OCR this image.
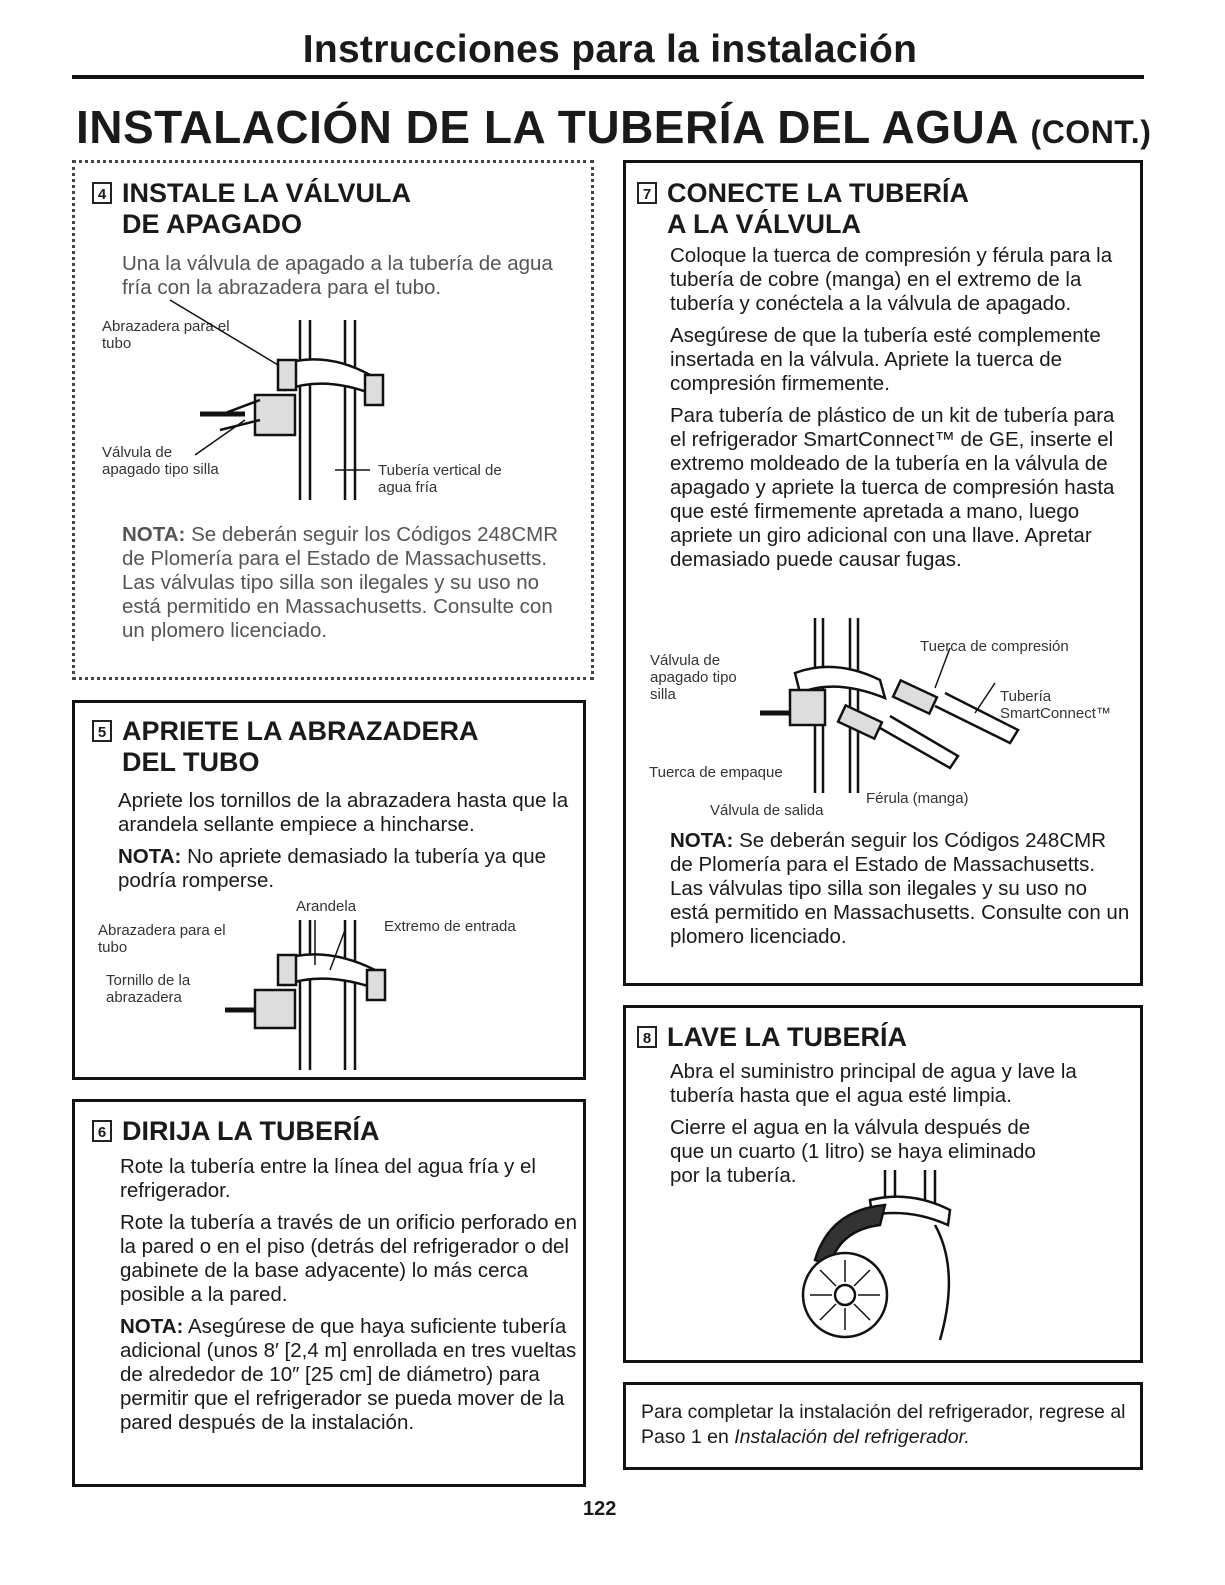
Instrucciones para la instalación
INSTALACIÓN DE LA TUBERÍA DEL AGUA (CONT.)
4 INSTALE LA VÁLVULA
DE APAGADO
Una la válvula de apagado a la tubería de agua fría con la abrazadera para el tubo.
Abrazadera para el tubo
Válvula de apagado tipo silla	Tubería vertical de agua fría
NOTA: Se deberán seguir los Códigos 248CMR de Plomería para el Estado de Massachusetts. Las válvulas tipo silla son ilegales y su uso no está permitido en Massachusetts. Consulte con un plomero licenciado.
5 APRIETE LA ABRAZADERA
DEL TUBO

Apriete los tornillos de la abrazadera hasta que la arandela sellante empiece a hincharse.

NOTA: No apriete demasiado la tubería ya que podría romperse.

Arandela
Extremo de entrada
Abrazadera para el tubo
Tornillo de la abrazadera
6 DIRIJA LA TUBERÍA

Rote la tubería entre la línea del agua fría y el refrigerador.

Rote la tubería a través de un orificio perforado en la pared o en el piso (detrás del refrigerador o del gabinete de la base adyacente) lo más cerca posible a la pared.

NOTA: Asegúrese de que haya suficiente tubería adicional (unos 8′ [2,4 m] enrollada en tres vueltas de alrededor de 10″ [25 cm] de diámetro) para permitir que el refrigerador se pueda mover de la pared después de la instalación.

7 CONECTE LA TUBERÍA
A LA VÁLVULA

Coloque la tuerca de compresión y férula para la tubería de cobre (manga) en el extremo de la tubería y conéctela a la válvula de apagado.

Asegúrese de que la tubería esté complemente insertada en la válvula. Apriete la tuerca de compresión firmemente.

Para tubería de plástico de un kit de tubería para el refrigerador SmartConnect™ de GE, inserte el extremo moldeado de la tubería en la válvula de apagado y apriete la tuerca de compresión hasta que esté firmemente apretada a mano, luego apriete un giro adicional con una llave. Apretar demasiado puede causar fugas.

Válvula de apagado tipo silla
Tuerca de compresión
Tubería SmartConnect™
Tuerca de empaque
Válvula de salida
Férula (manga)
NOTA: Se deberán seguir los Códigos 248CMR de Plomería para el Estado de Massachusetts. Las válvulas tipo silla son ilegales y su uso no está permitido en Massachusetts. Consulte con un plomero licenciado.
8 LAVE LA TUBERÍA

Abra el suministro principal de agua y lave la tubería hasta que el agua esté limpia.

Cierre el agua en la válvula después de que un cuarto (1 litro) se haya eliminado por la tubería.

Para completar la instalación del refrigerador, regrese al Paso 1 en Instalación del refrigerador.
122
